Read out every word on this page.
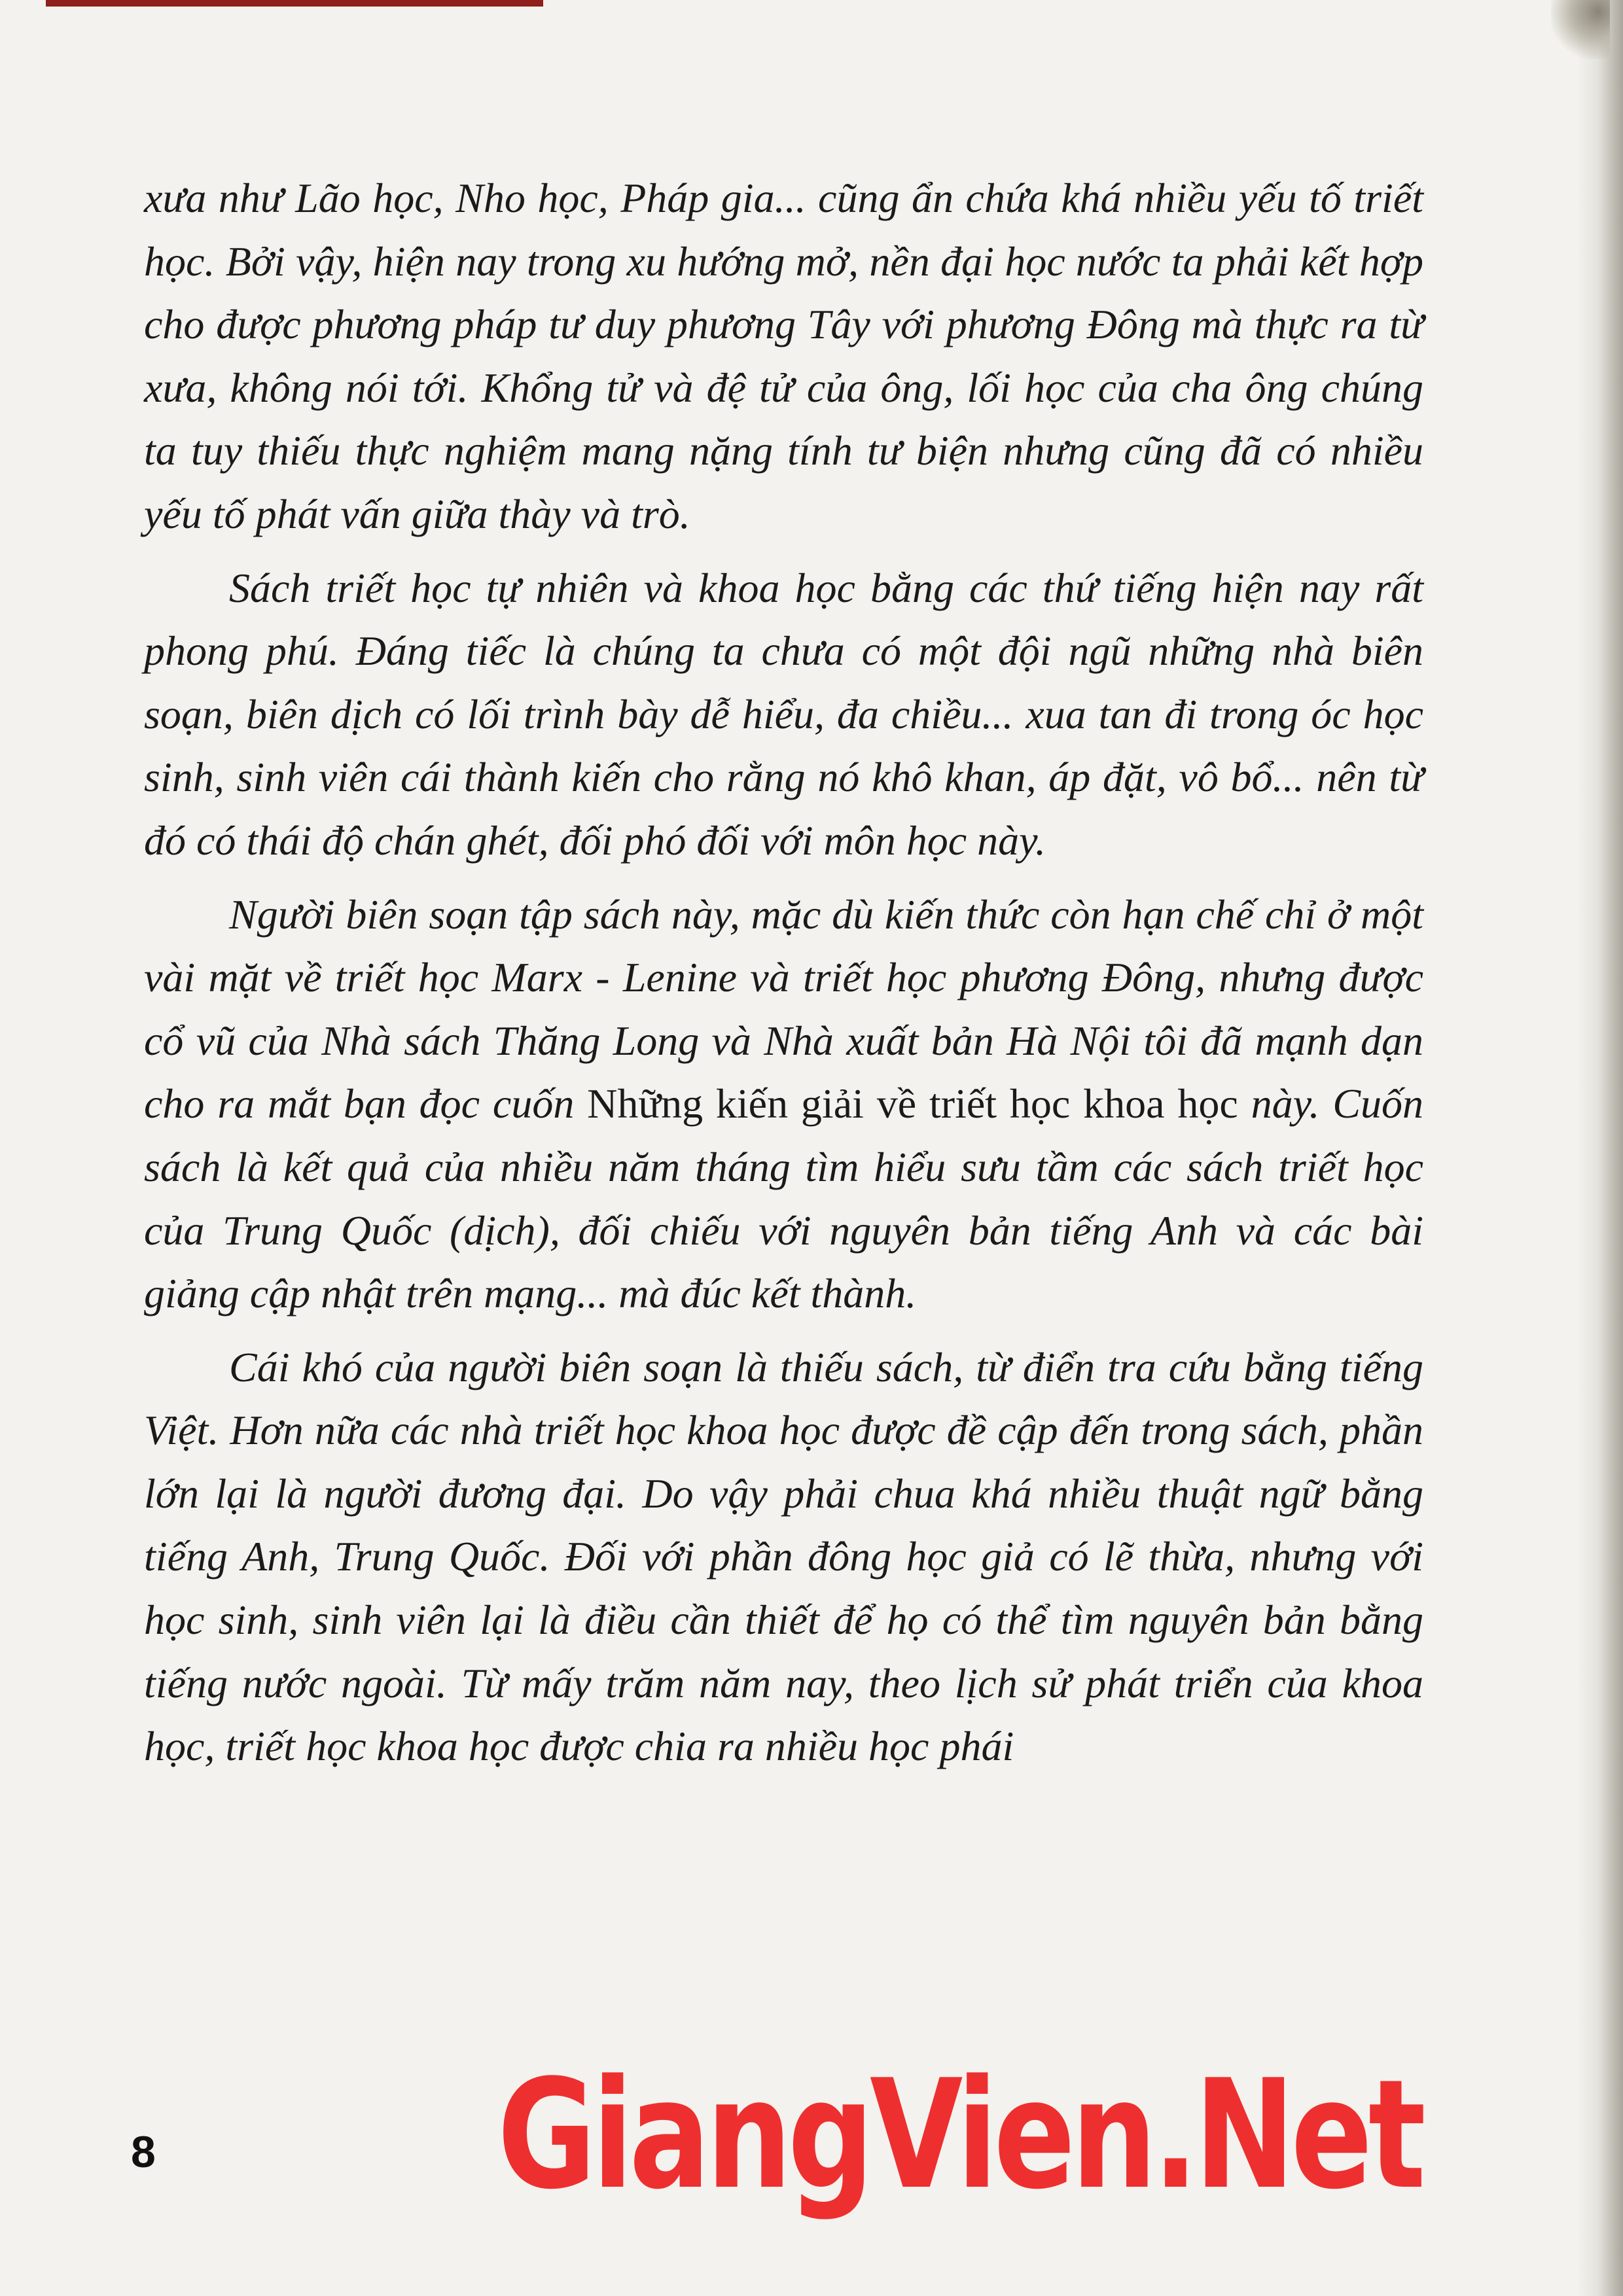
xưa như Lão học, Nho học, Pháp gia... cũng ẩn chứa khá nhiều yếu tố triết học. Bởi vậy, hiện nay trong xu hướng mở, nền đại học nước ta phải kết hợp cho được phương pháp tư duy phương Tây với phương Đông mà thực ra từ xưa, không nói tới. Khổng tử và đệ tử của ông, lối học của cha ông chúng ta tuy thiếu thực nghiệm mang nặng tính tư biện nhưng cũng đã có nhiều yếu tố phát vấn giữa thày và trò.

Sách triết học tự nhiên và khoa học bằng các thứ tiếng hiện nay rất phong phú. Đáng tiếc là chúng ta chưa có một đội ngũ những nhà biên soạn, biên dịch có lối trình bày dễ hiểu, đa chiều... xua tan đi trong óc học sinh, sinh viên cái thành kiến cho rằng nó khô khan, áp đặt, vô bổ... nên từ đó có thái độ chán ghét, đối phó đối với môn học này.

Người biên soạn tập sách này, mặc dù kiến thức còn hạn chế chỉ ở một vài mặt về triết học Marx - Lenine và triết học phương Đông, nhưng được cổ vũ của Nhà sách Thăng Long và Nhà xuất bản Hà Nội tôi đã mạnh dạn cho ra mắt bạn đọc cuốn Những kiến giải về triết học khoa học này. Cuốn sách là kết quả của nhiều năm tháng tìm hiểu sưu tầm các sách triết học của Trung Quốc (dịch), đối chiếu với nguyên bản tiếng Anh và các bài giảng cập nhật trên mạng... mà đúc kết thành.

Cái khó của người biên soạn là thiếu sách, từ điển tra cứu bằng tiếng Việt. Hơn nữa các nhà triết học khoa học được đề cập đến trong sách, phần lớn lại là người đương đại. Do vậy phải chua khá nhiều thuật ngữ bằng tiếng Anh, Trung Quốc. Đối với phần đông học giả có lẽ thừa, nhưng với học sinh, sinh viên lại là điều cần thiết để họ có thể tìm nguyên bản bằng tiếng nước ngoài. Từ mấy trăm năm nay, theo lịch sử phát triển của khoa học, triết học khoa học được chia ra nhiều học phái

8 GiangVien.Net
